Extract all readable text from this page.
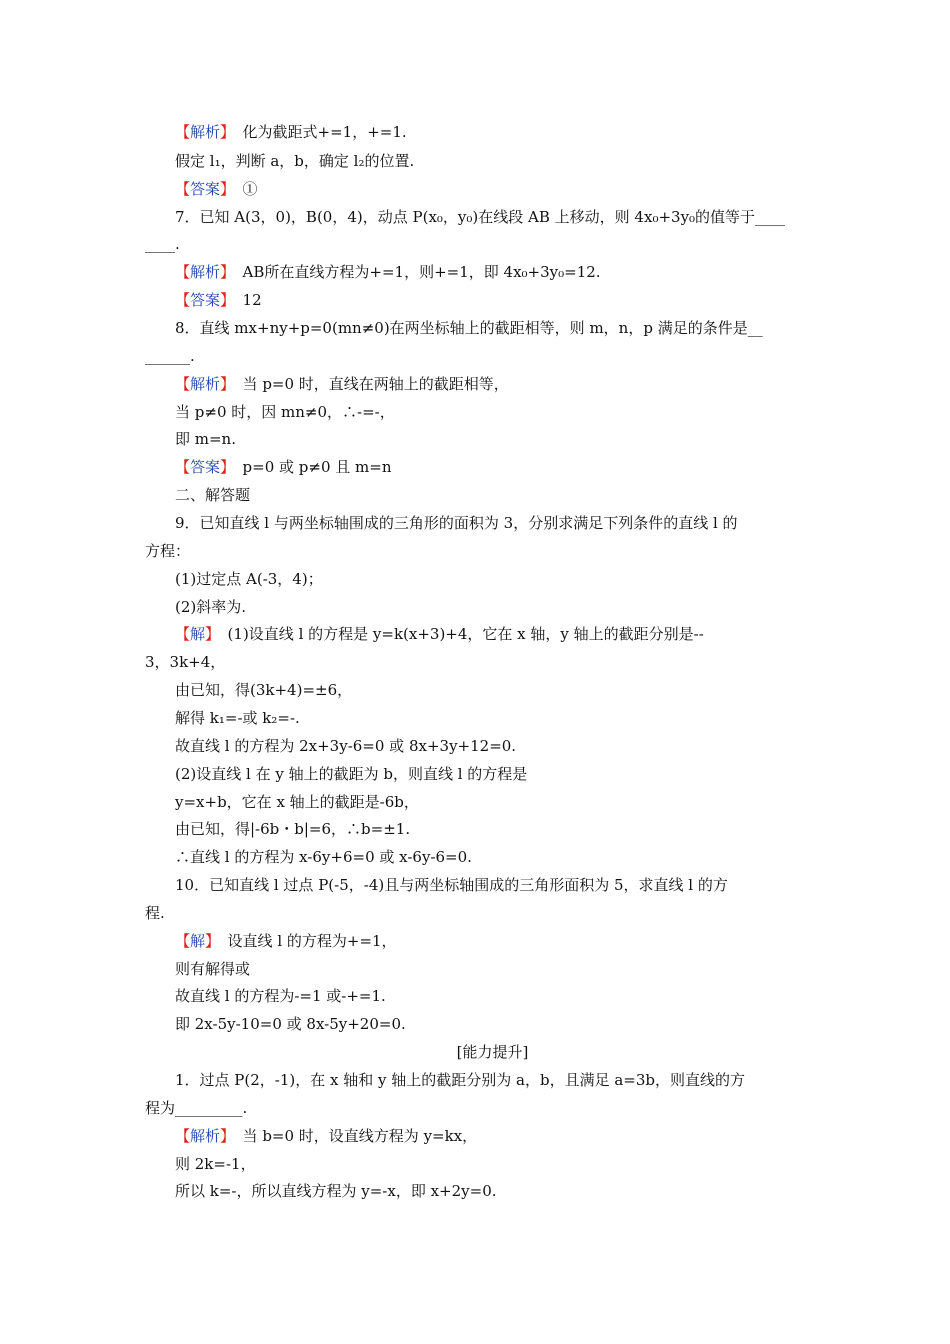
【解析】　化为截距式+=1，+=1.
假定 l₁，判断 a，b，确定 l₂的位置.
【答案】　①
7．已知 A(3，0)，B(0，4)，动点 P(x₀，y₀)在线段 AB 上移动，则 4x₀+3y₀的值等于____
____.
【解析】　AB所在直线方程为+=1，则+=1，即 4x₀+3y₀=12.
【答案】　12
8．直线 mx+ny+p=0(mn≠0)在两坐标轴上的截距相等，则 m，n，p 满足的条件是__
______.
【解析】　当 p=0 时，直线在两轴上的截距相等，
当 p≠0 时，因 mn≠0，∴-=-，
即 m=n.
【答案】　p=0 或 p≠0 且 m=n
二、解答题
9．已知直线 l 与两坐标轴围成的三角形的面积为 3，分别求满足下列条件的直线 l 的
方程：
(1)过定点 A(-3，4)；
(2)斜率为.
【解】　(1)设直线 l 的方程是 y=k(x+3)+4，它在 x 轴，y 轴上的截距分别是--
3，3k+4，
由已知，得(3k+4)=±6，
解得 k₁=-或 k₂=-.
故直线 l 的方程为 2x+3y-6=0 或 8x+3y+12=0.
(2)设直线 l 在 y 轴上的截距为 b，则直线 l 的方程是
y=x+b，它在 x 轴上的截距是-6b，
由已知，得|-6b・b|=6，∴b=±1.
∴直线 l 的方程为 x-6y+6=0 或 x-6y-6=0.
10．已知直线 l 过点 P(-5，-4)且与两坐标轴围成的三角形面积为 5，求直线 l 的方
程.
【解】　设直线 l 的方程为+=1，
则有解得或
故直线 l 的方程为-=1 或-+=1.
即 2x-5y-10=0 或 8x-5y+20=0.
[能力提升]
1．过点 P(2，-1)，在 x 轴和 y 轴上的截距分别为 a，b，且满足 a=3b，则直线的方
程为_________.
【解析】　当 b=0 时，设直线方程为 y=kx，
则 2k=-1，
所以 k=-，所以直线方程为 y=-x，即 x+2y=0.
